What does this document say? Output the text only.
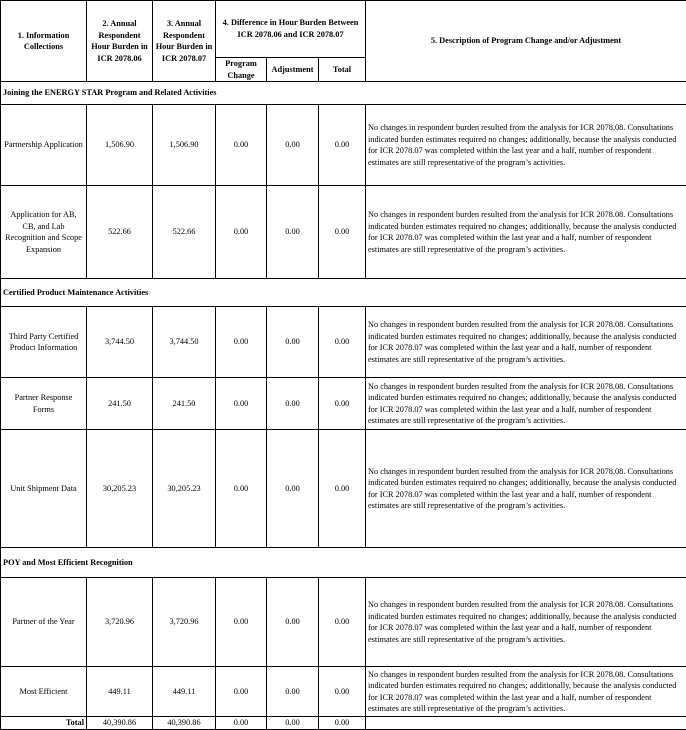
1. Information Collections	2. Annual Respondent Hour Burden in ICR 2078.06	3. Annual Respondent Hour Burden in ICR 2078.07	4. Difference in Hour Burden Between ICR 2078.06 and ICR 2078.07			5. Description of Program Change and/or Adjustment
			Program Change	Adjustment	Total	
Joining the ENERGY STAR Program and Related Activities						
Partnership Application	1,506.90	1,506.90	0.00	0.00	0.00	No changes in respondent burden resulted from the analysis for ICR 2078.08. Consultations indicated burden estimates required no changes; additionally, because the analysis conducted for ICR 2078.07 was completed within the last year and a half, number of respondent estimates are still representative of the program’s activities.
Application for AB, CB, and Lab Recognition and Scope Expansion	522.66	522.66	0.00	0.00	0.00	No changes in respondent burden resulted from the analysis for ICR 2078.08. Consultations indicated burden estimates required no changes; additionally, because the analysis conducted for ICR 2078.07 was completed within the last year and a half, number of respondent estimates are still representative of the program’s activities.
Certified Product Maintenance Activities						
Third Party Certified Product Information	3,744.50	3,744.50	0.00	0.00	0.00	No changes in respondent burden resulted from the analysis for ICR 2078.08. Consultations indicated burden estimates required no changes; additionally, because the analysis conducted for ICR 2078.07 was completed within the last year and a half, number of respondent estimates are still representative of the program’s activities.
Partner Response Forms	241.50	241.50	0.00	0.00	0.00	No changes in respondent burden resulted from the analysis for ICR 2078.08. Consultations indicated burden estimates required no changes; additionally, because the analysis conducted for ICR 2078.07 was completed within the last year and a half, number of respondent estimates are still representative of the program’s activities.
Unit Shipment Data	30,205.23	30,205.23	0.00	0.00	0.00	No changes in respondent burden resulted from the analysis for ICR 2078.08. Consultations indicated burden estimates required no changes; additionally, because the analysis conducted for ICR 2078.07 was completed within the last year and a half, number of respondent estimates are still representative of the program’s activities.
POY and Most Efficient Recognition						
Partner of the Year	3,720.96	3,720.96	0.00	0.00	0.00	No changes in respondent burden resulted from the analysis for ICR 2078.08. Consultations indicated burden estimates required no changes; additionally, because the analysis conducted for ICR 2078.07 was completed within the last year and a half, number of respondent estimates are still representative of the program’s activities.
Most Efficient	449.11	449.11	0.00	0.00	0.00	No changes in respondent burden resulted from the analysis for ICR 2078.08. Consultations indicated burden estimates required no changes; additionally, because the analysis conducted for ICR 2078.07 was completed within the last year and a half, number of respondent estimates are still representative of the program’s activities.
Total	40,390.86	40,390.86	0.00	0.00	0.00	
